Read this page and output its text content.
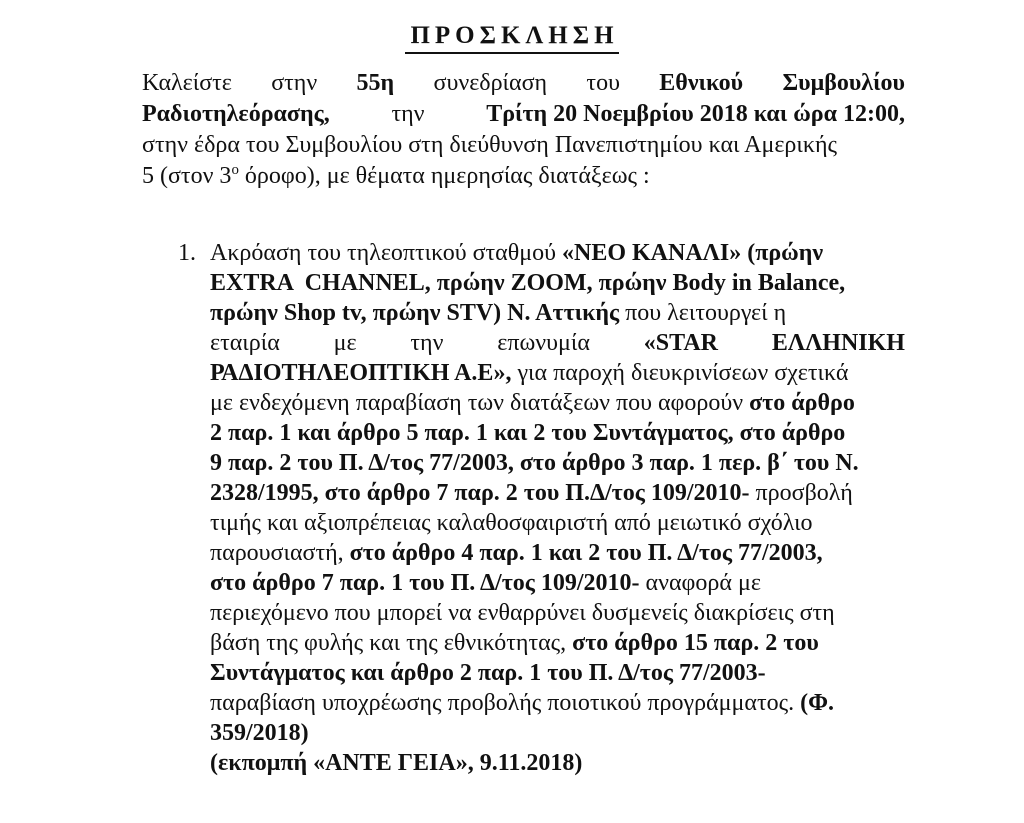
ΠΡΟΣΚΛΗΣΗ
Καλείστε στην 55η συνεδρίαση του Εθνικού Συμβουλίου
Ραδιοτηλεόρασης,	την	Τρίτη 20 Νοεμβρίου 2018 και ώρα 12:00,
στην έδρα του Συμβουλίου στη διεύθυνση Πανεπιστημίου και Αμερικής
5 (στον $3^o$ όροφο), με θέματα ημερησίας διατάξεως :
1. Ακρόαση του τηλεοπτικού σταθμού «ΝΕΟ ΚΑΝΑΛΙ» (πρώην
EXTRA  CHANNEL, πρώην ZOOM, πρώην Body in Balance,
πρώην Shop tv, πρώην STV) Ν. Αττικής που λειτουργεί η
εταιρία με την επωνυμία «STAR ΕΛΛΗΝΙΚΗ
ΡΑΔΙΟΤΗΛΕΟΠΤΙΚΗ Α.Ε», για παροχή διευκρινίσεων σχετικά
με ενδεχόμενη παραβίαση των διατάξεων που αφορούν στο άρθρο
2 παρ. 1 και άρθρο 5 παρ. 1 και 2 του Συντάγματος, στο άρθρο
9 παρ. 2 του Π. Δ/τος 77/2003, στο άρθρο 3 παρ. 1 περ. β΄ του Ν.
2328/1995, στο άρθρο 7 παρ. 2 του Π.Δ/τος 109/2010- προσβολή
τιμής και αξιοπρέπειας καλαθοσφαιριστή από μειωτικό σχόλιο
παρουσιαστή, στο άρθρο 4 παρ. 1 και 2 του Π. Δ/τος 77/2003,
στο άρθρο 7 παρ. 1 του Π. Δ/τος 109/2010- αναφορά με
περιεχόμενο που μπορεί να ενθαρρύνει δυσμενείς διακρίσεις στη
βάση της φυλής και της εθνικότητας, στο άρθρο 15 παρ. 2 του
Συντάγματος και άρθρο 2 παρ. 1 του Π. Δ/τος 77/2003-
παραβίαση υποχρέωσης προβολής ποιοτικού προγράμματος. (Φ.
359/2018)
(εκπομπή «ΑΝΤΕ ΓΕΙΑ», 9.11.2018)
